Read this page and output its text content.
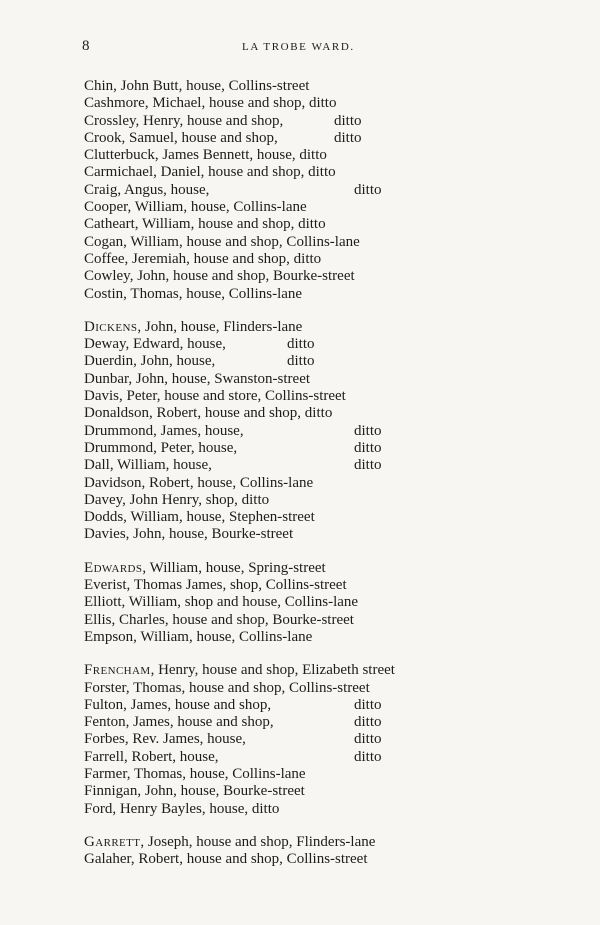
8	LA TROBE WARD.
Chin, John Butt, house, Collins-street
Cashmore, Michael, house and shop, ditto
Crossley, Henry, house and shop,	ditto
Crook, Samuel, house and shop,	ditto
Clutterbuck, James Bennett, house, ditto
Carmichael, Daniel, house and shop, ditto
Craig, Angus, house,	ditto
Cooper, William, house, Collins-lane
Catheart, William, house and shop, ditto
Cogan, William, house and shop, Collins-lane
Coffee, Jeremiah, house and shop, ditto
Cowley, John, house and shop, Bourke-street
Costin, Thomas, house, Collins-lane
Dickens, John, house, Flinders-lane
Deway, Edward, house,	ditto
Duerdin, John, house,	ditto
Dunbar, John, house, Swanston-street
Davis, Peter, house and store, Collins-street
Donaldson, Robert, house and shop, ditto
Drummond, James, house,	ditto
Drummond, Peter, house,	ditto
Dall, William, house,	ditto
Davidson, Robert, house, Collins-lane
Davey, John Henry, shop, ditto
Dodds, William, house, Stephen-street
Davies, John, house, Bourke-street
Edwards, William, house, Spring-street
Everist, Thomas James, shop, Collins-street
Elliott, William, shop and house, Collins-lane
Ellis, Charles, house and shop, Bourke-street
Empson, William, house, Collins-lane
Frencham, Henry, house and shop, Elizabeth street
Forster, Thomas, house and shop, Collins-street
Fulton, James, house and shop,	ditto
Fenton, James, house and shop,	ditto
Forbes, Rev. James, house,	ditto
Farrell, Robert, house,	ditto
Farmer, Thomas, house, Collins-lane
Finnigan, John, house, Bourke-street
Ford, Henry Bayles, house, ditto
Garrett, Joseph, house and shop, Flinders-lane
Galaher, Robert, house and shop, Collins-street
